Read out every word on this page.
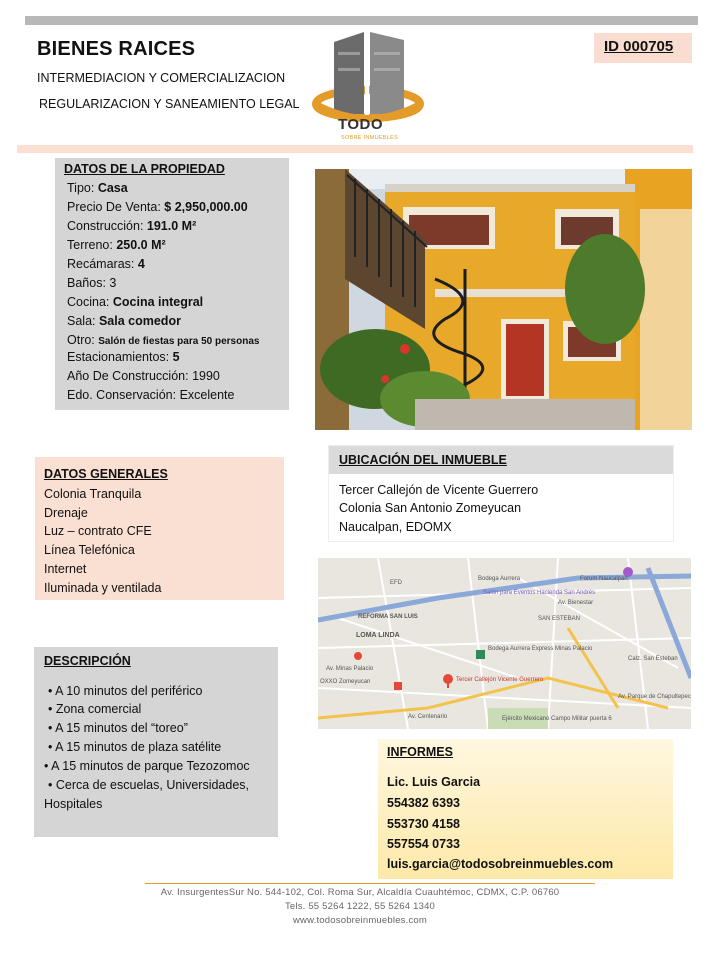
BIENES RAICES
INTERMEDIACION Y COMERCIALIZACION
REGULARIZACION Y SANEAMIENTO LEGAL
TODO
SOBRE INMUEBLES
ID 000705
DATOS DE LA PROPIEDAD
Tipo: Casa
Precio De Venta: $ 2,950,000.00
Construcción: 191.0 M²
Terreno: 250.0 M²
Recámaras: 4
Baños: 3
Cocina: Cocina integral
Sala: Sala comedor
Otro: Salón de fiestas para 50 personas
Estacionamientos: 5
Año De Construcción: 1990
Edo. Conservación: Excelente
DATOS GENERALES
Colonia Tranquila
Drenaje
Luz – contrato CFE
Línea Telefónica
Internet
Iluminada y ventilada
UBICACIÓN DEL INMUEBLE
Tercer Callejón de Vicente Guerrero
Colonia San Antonio Zomeyucan
Naucalpan, EDOMX
Bodega Aurrera	Forum Naucalpan
Salón para Eventos Hacienda San Andrés
REFORMA SAN LUIS
LOMA LINDA
Bodega Aurrera Express Minas Palacio
OXXO Zomeyucan
Av. Minas Palacio
Tercer Callejón Vicente Guerrero
Ejército Mexicano Campo Militar puerta 6
Av. Centenario
Calz. San Esteban
Av. Parque de Chapultepec
EFD
SAN ESTEBAN
Av. Bienestar
DESCRIPCIÓN
• A 10 minutos del periférico
• Zona comercial
• A 15 minutos del “toreo”
• A 15 minutos de plaza satélite
• A 15 minutos de parque Tezozomoc
• Cerca de escuelas, Universidades,
Hospitales
INFORMES
Lic. Luis Garcia
554382 6393
553730 4158
557554 0733
luis.garcia@todosobreinmuebles.com
Av. InsurgentesSur No. 544-102, Col. Roma Sur, Alcaldía Cuauhtémoc, CDMX, C.P. 06760
Tels. 55 5264 1222, 55 5264 1340
www.todosobreinmuebles.com
